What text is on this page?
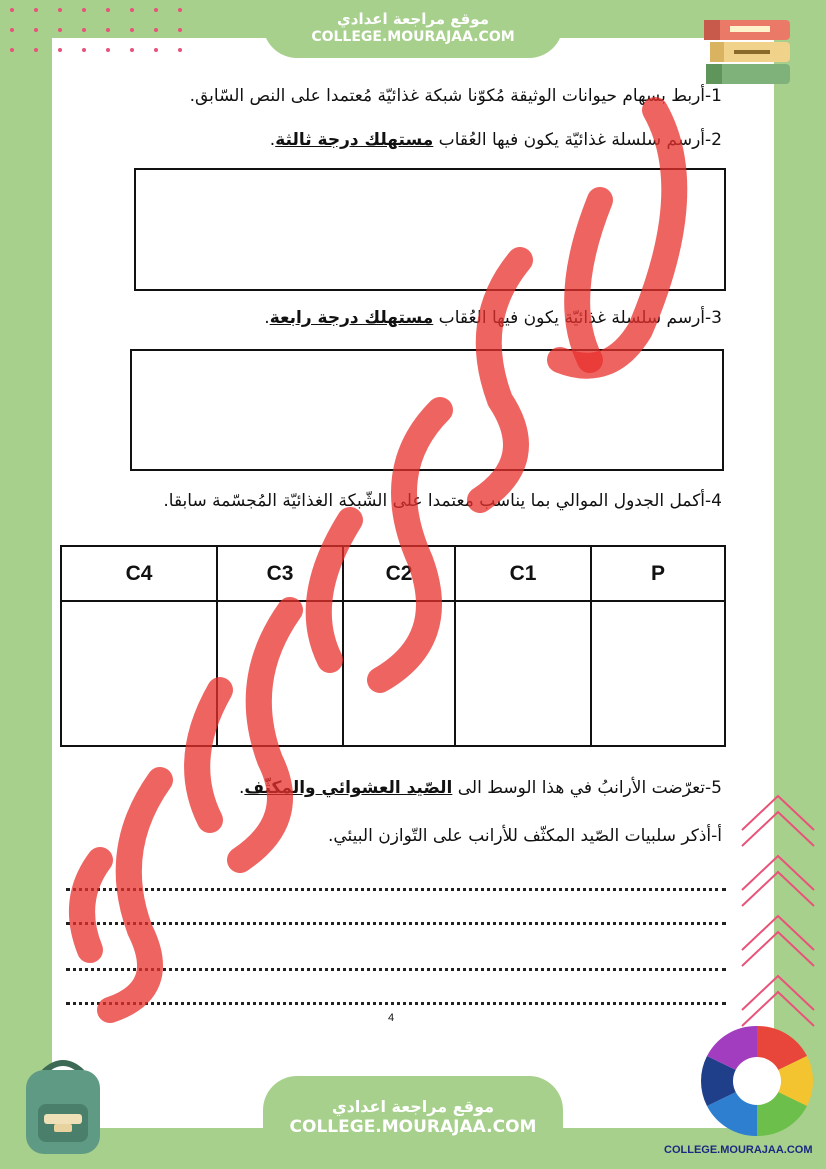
موقع مراجعة اعدادي
COLLEGE.MOURAJAA.COM
1-أربط بسهام حيوانات الوثيقة مُكوّنا شبكة غذائيّة مُعتمدا على النص السّابق.
2-أرسم سلسلة غذائيّة يكون فيها العُقاب مستهلك درجة ثالثة.
3-أرسم سلسلة غذائيّة يكون فيها العُقاب مستهلك درجة رابعة.
4-أكمل الجدول الموالي بما يناسب معتمدا على الشّبكة الغذائيّة المُجسّمة سابقا.
C4	C3	C2	C1	P

5-تعرّضت الأرانبُ في هذا الوسط الى الصّيد العشوائي والمكثّف.
أ-أذكر سلبيات الصّيد المكثّف للأرانب على التّوازن البيئي.
4
COLLEGE.MOURAJAA.COM
موقع مراجعة اعدادي
COLLEGE.MOURAJAA.COM
